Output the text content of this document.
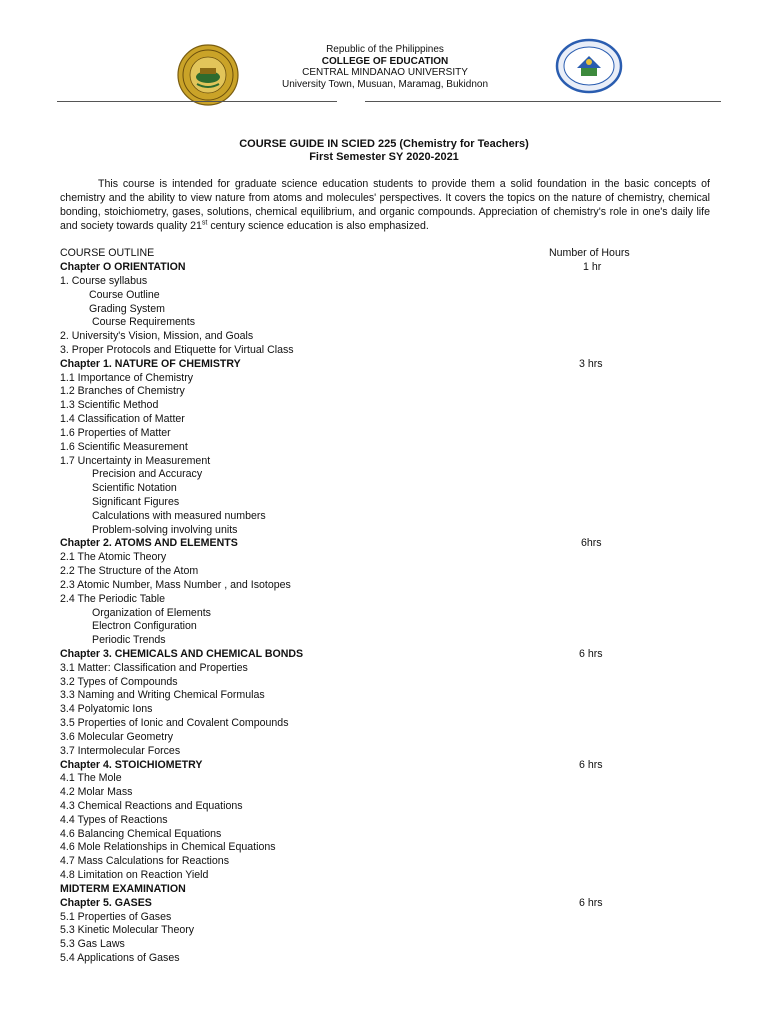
Republic of the Philippines
COLLEGE OF EDUCATION
CENTRAL MINDANAO UNIVERSITY
University Town, Musuan, Maramag, Bukidnon
COURSE GUIDE IN SCIED 225 (Chemistry for Teachers)
First Semester SY 2020-2021
This course is intended for graduate science education students to provide them a solid foundation in the basic concepts of chemistry and the ability to view nature from atoms and molecules' perspectives. It covers the topics on the nature of chemistry, chemical bonding, stoichiometry, gases, solutions, chemical equilibrium, and organic compounds. Appreciation of chemistry's role in one's daily life and society towards quality 21st century science education is also emphasized.
COURSE OUTLINE	Number of Hours
Chapter O ORIENTATION	1 hr
1. Course syllabus
Course Outline
Grading System
Course Requirements
2. University's Vision, Mission, and Goals
3. Proper Protocols and Etiquette for Virtual Class
Chapter 1. NATURE OF CHEMISTRY	3 hrs
1.1 Importance of Chemistry
1.2 Branches of Chemistry
1.3 Scientific Method
1.4 Classification of Matter
1.6 Properties of Matter
1.6 Scientific Measurement
1.7 Uncertainty in Measurement
Precision and Accuracy
Scientific Notation
Significant Figures
Calculations with measured numbers
Problem-solving involving units
Chapter 2. ATOMS AND ELEMENTS	6hrs
2.1 The Atomic Theory
2.2 The Structure of the Atom
2.3 Atomic Number, Mass Number , and Isotopes
2.4 The Periodic Table
Organization of Elements
Electron Configuration
Periodic Trends
Chapter 3. CHEMICALS AND CHEMICAL BONDS	6 hrs
3.1 Matter: Classification and Properties
3.2 Types of Compounds
3.3 Naming and Writing Chemical Formulas
3.4 Polyatomic Ions
3.5 Properties of Ionic and Covalent Compounds
3.6 Molecular Geometry
3.7 Intermolecular Forces
Chapter 4. STOICHIOMETRY	6 hrs
4.1 The Mole
4.2 Molar Mass
4.3 Chemical Reactions and Equations
4.4 Types of Reactions
4.6 Balancing Chemical Equations
4.6 Mole Relationships in Chemical Equations
4.7 Mass Calculations for Reactions
4.8 Limitation on Reaction Yield
MIDTERM EXAMINATION
Chapter 5. GASES	6 hrs
5.1 Properties of Gases
5.3 Kinetic Molecular Theory
5.3 Gas Laws
5.4 Applications of Gases
